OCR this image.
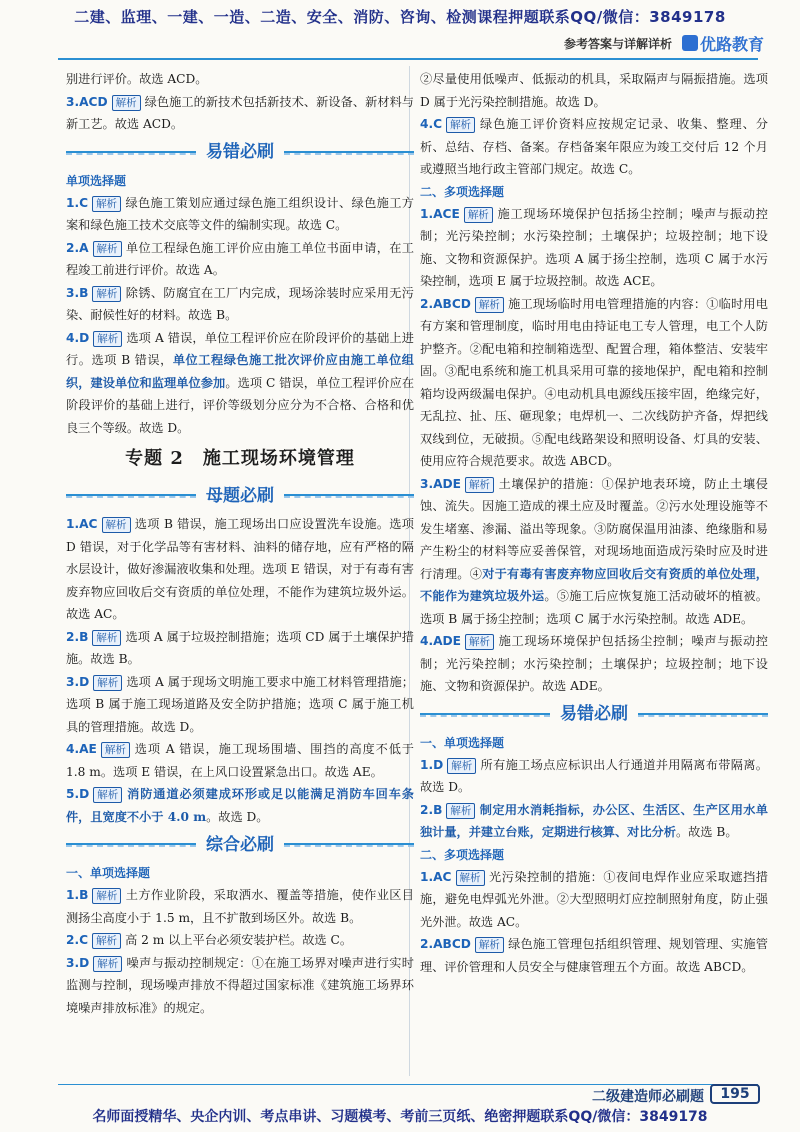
二建、监理、一建、一造、二造、安全、消防、咨询、检测课程押题联系QQ/微信：3849178
参考答案与详解详析 优路教育
别进行评价。故选 ACD。
3.ACD 解析 绿色施工的新技术包括新技术、新设备、新材料与新工艺。故选 ACD。
易错必刷
单项选择题
1.C 解析 绿色施工策划应通过绿色施工组织设计、绿色施工方案和绿色施工技术交底等文件的编制实现。故选 C。
2.A 解析 单位工程绿色施工评价应由施工单位书面申请，在工程竣工前进行评价。故选 A。
3.B 解析 除锈、防腐宜在工厂内完成，现场涂装时应采用无污染、耐候性好的材料。故选 B。
4.D 解析 选项 A 错误，单位工程评价应在阶段评价的基础上进行。选项 B 错误，单位工程绿色施工批次评价应由施工单位组织，建设单位和监理单位参加。选项 C 错误，单位工程评价应在阶段评价的基础上进行，评价等级划分应分为不合格、合格和优良三个等级。故选 D。
专题 2　施工现场环境管理
母题必刷
1.AC 解析 选项 B 错误，施工现场出口应设置洗车设施。选项 D 错误，对于化学品等有害材料、油料的储存地，应有严格的隔水层设计，做好渗漏液收集和处理。选项 E 错误，对于有毒有害废弃物应回收后交有资质的单位处理，不能作为建筑垃圾外运。故选 AC。
2.B 解析 选项 A 属于垃圾控制措施；选项 CD 属于土壤保护措施。故选 B。
3.D 解析 选项 A 属于现场文明施工要求中施工材料管理措施；选项 B 属于施工现场道路及安全防护措施；选项 C 属于施工机具的管理措施。故选 D。
4.AE 解析 选项 A 错误，施工现场围墙、围挡的高度不低于 1.8 m。选项 E 错误，在上风口设置紧急出口。故选 AE。
5.D 解析 消防通道必须建成环形或足以能满足消防车回车条件，且宽度不小于 4.0 m。故选 D。
综合必刷
一、单项选择题
1.B 解析 土方作业阶段，采取洒水、覆盖等措施，使作业区目测扬尘高度小于 1.5 m，且不扩散到场区外。故选 B。
2.C 解析 高 2 m 以上平台必须安装护栏。故选 C。
3.D 解析 噪声与振动控制规定：①在施工场界对噪声进行实时监测与控制，现场噪声排放不得超过国家标准《建筑施工场界环境噪声排放标准》的规定。
②尽量使用低噪声、低振动的机具，采取隔声与隔振措施。选项 D 属于光污染控制措施。故选 D。
4.C 解析 绿色施工评价资料应按规定记录、收集、整理、分析、总结、存档、备案。存档备案年限应为竣工交付后 12 个月或遵照当地行政主管部门规定。故选 C。
二、多项选择题
1.ACE 解析 施工现场环境保护包括扬尘控制；噪声与振动控制；光污染控制；水污染控制；土壤保护；垃圾控制；地下设施、文物和资源保护。选项 A 属于扬尘控制，选项 C 属于水污染控制，选项 E 属于垃圾控制。故选 ACE。
2.ABCD 解析 施工现场临时用电管理措施的内容：①临时用电有方案和管理制度，临时用电由持证电工专人管理，电工个人防护整齐。②配电箱和控制箱选型、配置合理，箱体整洁、安装牢固。③配电系统和施工机具采用可靠的接地保护，配电箱和控制箱均设两级漏电保护。④电动机具电源线压接牢固，绝缘完好，无乱拉、扯、压、砸现象；电焊机一、二次线防护齐备，焊把线双线到位，无破损。⑤配电线路架设和照明设备、灯具的安装、使用应符合规范要求。故选 ABCD。
3.ADE 解析 土壤保护的措施：①保护地表环境，防止土壤侵蚀、流失。因施工造成的裸土应及时覆盖。②污水处理设施等不发生堵塞、渗漏、溢出等现象。③防腐保温用油漆、绝缘脂和易产生粉尘的材料等应妥善保管，对现场地面造成污染时应及时进行清理。④对于有毒有害废弃物应回收后交有资质的单位处理，不能作为建筑垃圾外运。⑤施工后应恢复施工活动破坏的植被。选项 B 属于扬尘控制；选项 C 属于水污染控制。故选 ADE。
4.ADE 解析 施工现场环境保护包括扬尘控制；噪声与振动控制；光污染控制；水污染控制；土壤保护；垃圾控制；地下设施、文物和资源保护。故选 ADE。
易错必刷
一、单项选择题
1.D 解析 所有施工场点应标识出人行通道并用隔离布带隔离。故选 D。
2.B 解析 制定用水消耗指标，办公区、生活区、生产区用水单独计量，并建立台账，定期进行核算、对比分析。故选 B。
二、多项选择题
1.AC 解析 光污染控制的措施：①夜间电焊作业应采取遮挡措施，避免电焊弧光外泄。②大型照明灯应控制照射角度，防止强光外泄。故选 AC。
2.ABCD 解析 绿色施工管理包括组织管理、规划管理、实施管理、评价管理和人员安全与健康管理五个方面。故选 ABCD。
二级建造师必刷题	195
名师面授精华、央企内训、考点串讲、习题模考、考前三页纸、绝密押题联系QQ/微信：3849178
